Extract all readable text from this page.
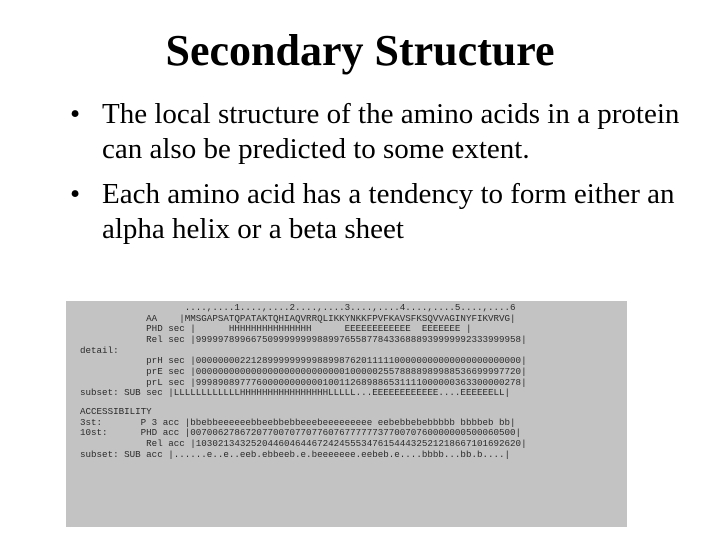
Secondary Structure
• The local structure of the amino acids in a protein can also be predicted to some extent.
• Each amino acid has a tendency to form either an alpha helix or a beta sheet
....,....1....,....2....,....3....,....4....,....5....,....6
AA    |MMSGAPSATQPATAKTQHIAQVRRQLIKKYNKKFPVFKAVSFKSQVVAGINYFIKVRVG|
PHD sec |      HHHHHHHHHHHHHHH      EEEEEEEEEEEE  EEEEEEE |
Rel sec |99999789966750999999998899765587784336888939999992333999958|
detail:
prH sec |00000000221289999999998899876201111100000000000000000000000|
prE sec |00000000000000000000000000010000025578888989988536699997720|
prL sec |99989089777600000000000100112689886531111000000363300000278|
subset: SUB sec |LLLLLLLLLLLLHHHHHHHHHHHHHHHHLLLLL...EEEEEEEEEEEE....EEEEEELL|
ACCESSIBILITY
3st:       P 3 acc |bbebbeeeeeebbeebbebbeeebeeeeeeeee eebebbebebbbbb bbbbeb bb|
10st:      PHD acc |00700627867207700707707760767777773770070760000000500060500|
Rel acc |10302134325204460464467242455534761544432521218667101692620|
subset: SUB acc |......e..e..eeb.ebbeeb.e.beeeeeee.eebeb.e....bbbb...bb.b....|
